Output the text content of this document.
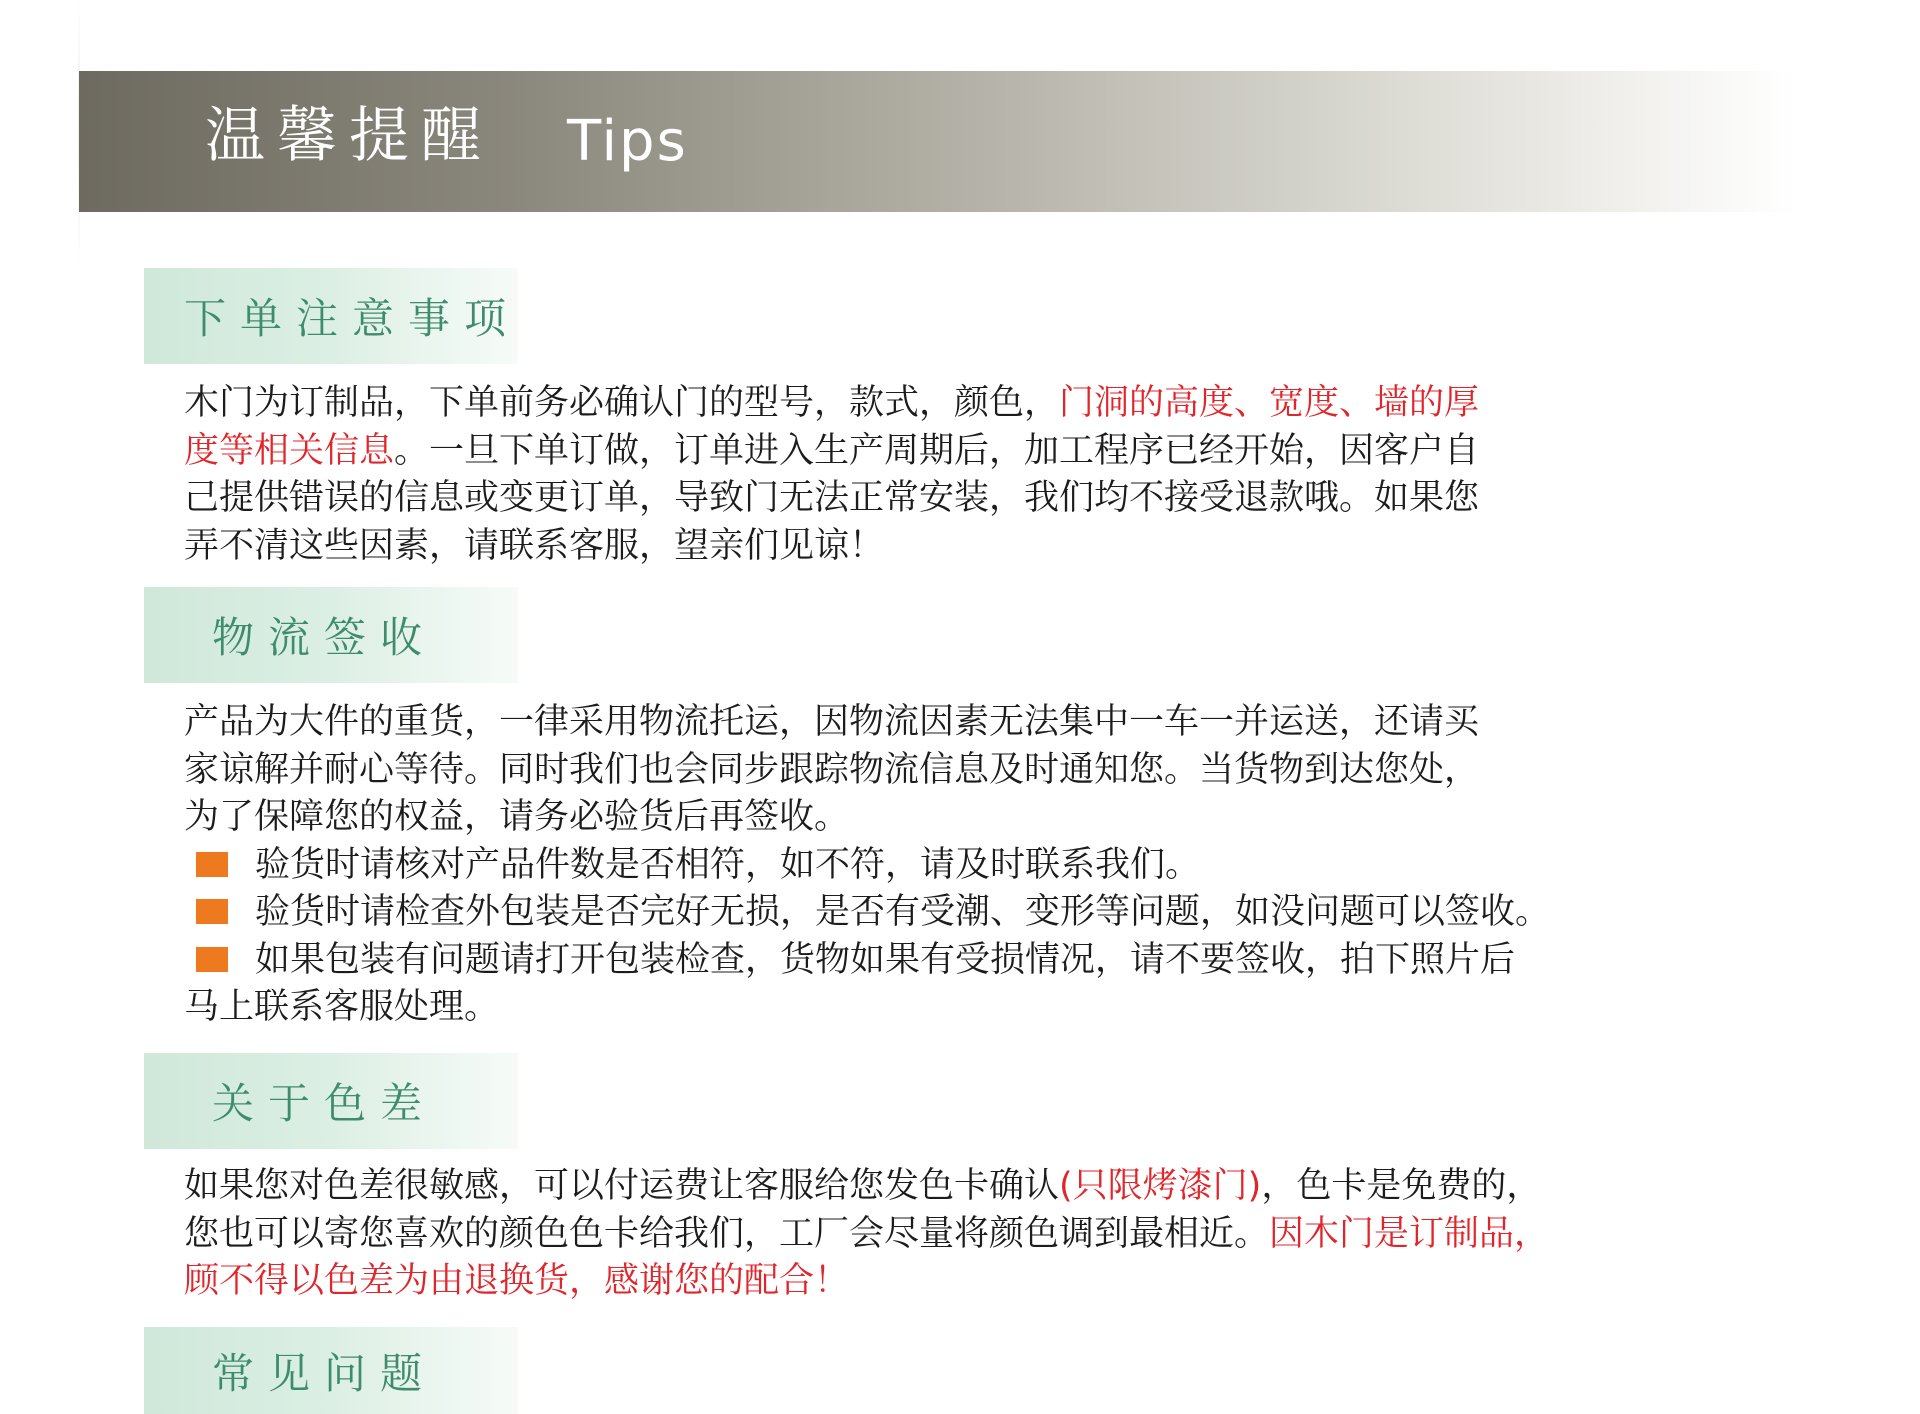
温馨提醒 Tips
下单注意事项
木门为订制品，下单前务必确认门的型号，款式，颜色，门洞的高度、宽度、墙的厚
度等相关信息。一旦下单订做，订单进入生产周期后，加工程序已经开始，因客户自
己提供错误的信息或变更订单，导致门无法正常安装，我们均不接受退款哦。如果您
弄不清这些因素，请联系客服，望亲们见谅！
物流签收
产品为大件的重货，一律采用物流托运，因物流因素无法集中一车一并运送，还请买
家谅解并耐心等待。同时我们也会同步跟踪物流信息及时通知您。当货物到达您处，
为了保障您的权益，请务必验货后再签收。
验货时请核对产品件数是否相符，如不符，请及时联系我们。
验货时请检查外包装是否完好无损，是否有受潮、变形等问题，如没问题可以签收。
如果包装有问题请打开包装检查，货物如果有受损情况，请不要签收，拍下照片后
马上联系客服处理。
关于色差
如果您对色差很敏感，可以付运费让客服给您发色卡确认(只限烤漆门)，色卡是免费的，
您也可以寄您喜欢的颜色色卡给我们，工厂会尽量将颜色调到最相近。因木门是订制品，
顾不得以色差为由退换货，感谢您的配合！
常见问题
